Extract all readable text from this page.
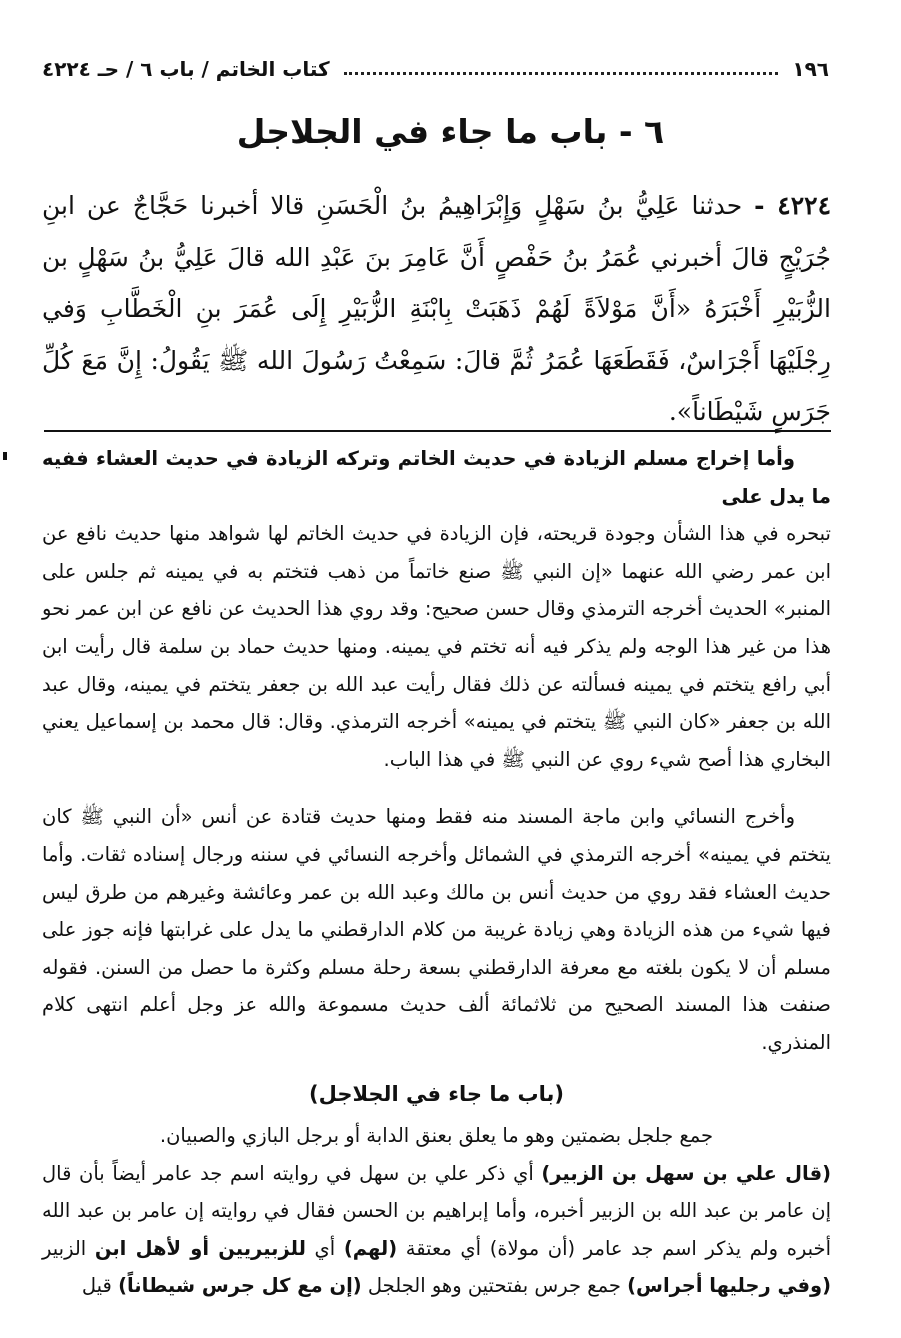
١٩٦
كتاب الخاتم / باب ٦ / حـ ٤٢٢٤
٦ - باب ما جاء في الجلاجل
٤٢٢٤ - حدثنا عَلِيُّ بنُ سَهْلٍ وَإِبْرَاهِيمُ بنُ الْحَسَنِ قالا أخبرنا حَجَّاجٌ عن ابنِ جُرَيْجٍ قالَ أخبرني عُمَرُ بنُ حَفْصٍ أَنَّ عَامِرَ بنَ عَبْدِ الله قالَ عَلِيُّ بنُ سَهْلٍ بن الزُّبَيْرِ أَخْبَرَهُ «أَنَّ مَوْلاَةً لَهُمْ ذَهَبَتْ بِابْنَةِ الزُّبَيْرِ إِلَى عُمَرَ بنِ الْخَطَّابِ وَفي رِجْلَيْهَا أَجْرَاسٌ، فَقَطَعَهَا عُمَرُ ثُمَّ قالَ: سَمِعْتُ رَسُولَ الله ﷺ يَقُولُ: إِنَّ مَعَ كُلِّ جَرَسٍ شَيْطَاناً».

وأما إخراج مسلم الزيادة في حديث الخاتم وتركه الزيادة في حديث العشاء ففيه ما يدل على

تبحره في هذا الشأن وجودة قريحته، فإن الزيادة في حديث الخاتم لها شواهد منها حديث نافع عن ابن عمر رضي الله عنهما «إن النبي ﷺ صنع خاتماً من ذهب فتختم به في يمينه ثم جلس على المنبر» الحديث أخرجه الترمذي وقال حسن صحيح: وقد روي هذا الحديث عن نافع عن ابن عمر نحو هذا من غير هذا الوجه ولم يذكر فيه أنه تختم في يمينه. ومنها حديث حماد بن سلمة قال رأيت ابن أبي رافع يتختم في يمينه فسألته عن ذلك فقال رأيت عبد الله بن جعفر يتختم في يمينه، وقال عبد الله بن جعفر «كان النبي ﷺ يتختم في يمينه» أخرجه الترمذي. وقال: قال محمد بن إسماعيل يعني البخاري هذا أصح شيء روي عن النبي ﷺ في هذا الباب.

وأخرج النسائي وابن ماجة المسند منه فقط ومنها حديث قتادة عن أنس «أن النبي ﷺ كان يتختم في يمينه» أخرجه الترمذي في الشمائل وأخرجه النسائي في سننه ورجال إسناده ثقات. وأما حديث العشاء فقد روي من حديث أنس بن مالك وعبد الله بن عمر وعائشة وغيرهم من طرق ليس فيها شيء من هذه الزيادة وهي زيادة غريبة من كلام الدارقطني ما يدل على غرابتها فإنه جوز على مسلم أن لا يكون بلغته مع معرفة الدارقطني بسعة رحلة مسلم وكثرة ما حصل من السنن. فقوله صنفت هذا المسند الصحيح من ثلاثمائة ألف حديث مسموعة والله عز وجل أعلم انتهى كلام المنذري.

(باب ما جاء في الجلاجل)

جمع جلجل بضمتين وهو ما يعلق بعنق الدابة أو برجل البازي والصبيان.

(قال علي بن سهل بن الزبير) أي ذكر علي بن سهل في روايته اسم جد عامر أيضاً بأن قال إن عامر بن عبد الله بن الزبير أخبره، وأما إبراهيم بن الحسن فقال في روايته إن عامر بن عبد الله أخبره ولم يذكر اسم جد عامر (أن مولاة) أي معتقة (لهم) أي للزبيريين أو لأهل ابن الزبير (وفي رجليها أجراس) جمع جرس بفتحتين وهو الجلجل (إن مع كل جرس شيطاناً) قيل
